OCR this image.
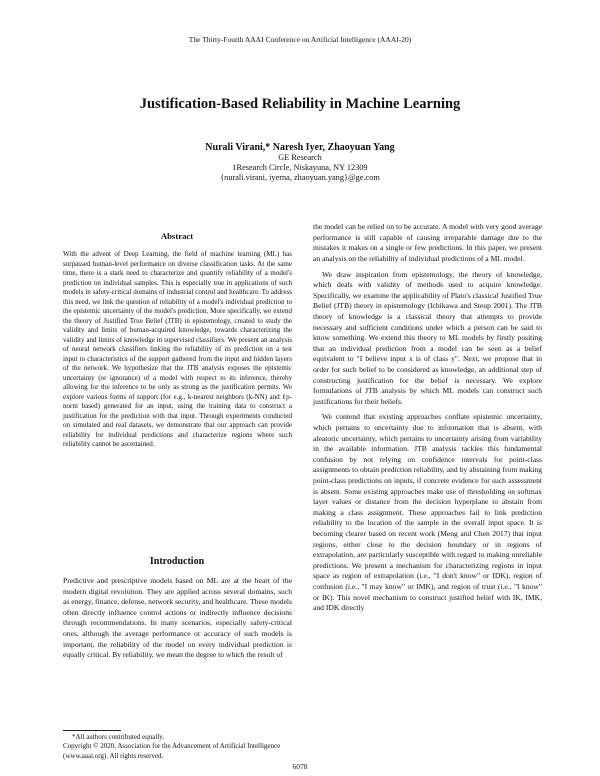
The Thirty-Fourth AAAI Conference on Artificial Intelligence (AAAI-20)
Justification-Based Reliability in Machine Learning
Nurali Virani,* Naresh Iyer, Zhaoyuan Yang
GE Research
1Research Circle, Niskayuna, NY 12309
{nurali.virani, iyerna, zhaoyuan.yang}@ge.com
Abstract

With the advent of Deep Learning, the field of machine learning (ML) has surpassed human-level performance on diverse classification tasks. At the same time, there is a stark need to characterize and quantify reliability of a model's prediction on individual samples. This is especially true in applications of such models in safety-critical domains of industrial control and healthcare. To address this need, we link the question of reliability of a model's individual prediction to the epistemic uncertainty of the model's prediction. More specifically, we extend the theory of Justified True Belief (JTB) in epistemology, created to study the validity and limits of human-acquired knowledge, towards characterizing the validity and limits of knowledge in supervised classifiers. We present an analysis of neural network classifiers linking the reliability of its prediction on a test input to characteristics of the support gathered from the input and hidden layers of the network. We hypothesize that the JTB analysis exposes the epistemic uncertainty (or ignorance) of a model with respect to its inference, thereby allowing for the inference to be only as strong as the justification permits. We explore various forms of support (for e.g., k-nearest neighbors (k-NN) and ℓp-norm based) generated for an input, using the training data to construct a justification for the prediction with that input. Through experiments conducted on simulated and real datasets, we demonstrate that our approach can provide reliability for individual predictions and characterize regions where such reliability cannot be ascertained.

Introduction

Predictive and prescriptive models based on ML are at the heart of the modern digital revolution. They are applied across several domains, such as energy, finance, defense, network security, and healthcare. These models often directly influence control actions or indirectly influence decisions through recommendations. In many scenarios, especially safety-critical ones, although the average performance or accuracy of such models is important, the reliability of the model on every individual prediction is equally critical. By reliability, we mean the degree to which the result of

*All authors contributed equally.
Copyright © 2020, Association for the Advancement of Artificial Intelligence (www.aaai.org). All rights reserved.

the model can be relied on to be accurate. A model with very good average performance is still capable of causing irreparable damage due to the mistakes it makes on a single or few predictions. In this paper, we present an analysis on the reliability of individual predictions of a ML model.

We draw inspiration from epistemology, the theory of knowledge, which deals with validity of methods used to acquire knowledge. Specifically, we examine the applicability of Plato's classical Justified True Belief (JTB) theory in epistemology (Ichikawa and Steup 2001). The JTB theory of knowledge is a classical theory that attempts to provide necessary and sufficient conditions under which a person can be said to know something. We extend this theory to ML models by firstly positing that an individual prediction from a model can be seen as a belief equivalent to "I believe input x is of class y". Next, we propose that in order for such belief to be considered as knowledge, an additional step of constructing justification for the belief is necessary. We explore formulations of JTB analysis by which ML models can construct such justifications for their beliefs.

We contend that existing approaches conflate epistemic uncertainty, which pertains to uncertainty due to information that is absent, with aleatoric uncertainty, which pertains to uncertainty arising from variability in the available information. JTB analysis tackles this fundamental confusion by not relying on confidence intervals for point-class assignments to obtain prediction reliability, and by abstaining from making point-class predictions on inputs, if concrete evidence for such assessment is absent. Some existing approaches make use of thresholding on softmax layer values or distance from the decision hyperplane to abstain from making a class assignment. These approaches fail to link prediction reliability to the location of the sample in the overall input space. It is becoming clearer based on recent work (Meng and Chen 2017) that input regions, either close to the decision boundary or in regions of extrapolation, are particularly susceptible with regard to making unreliable predictions. We present a mechanism for characterizing regions in input space as region of extrapolation (i.e., "I don't know" or IDK), region of confusion (i.e., "I may know" or IMK), and region of trust (i.e., "I know" or IK). This novel mechanism to construct justified belief with IK, IMK, and IDK directly

6078
